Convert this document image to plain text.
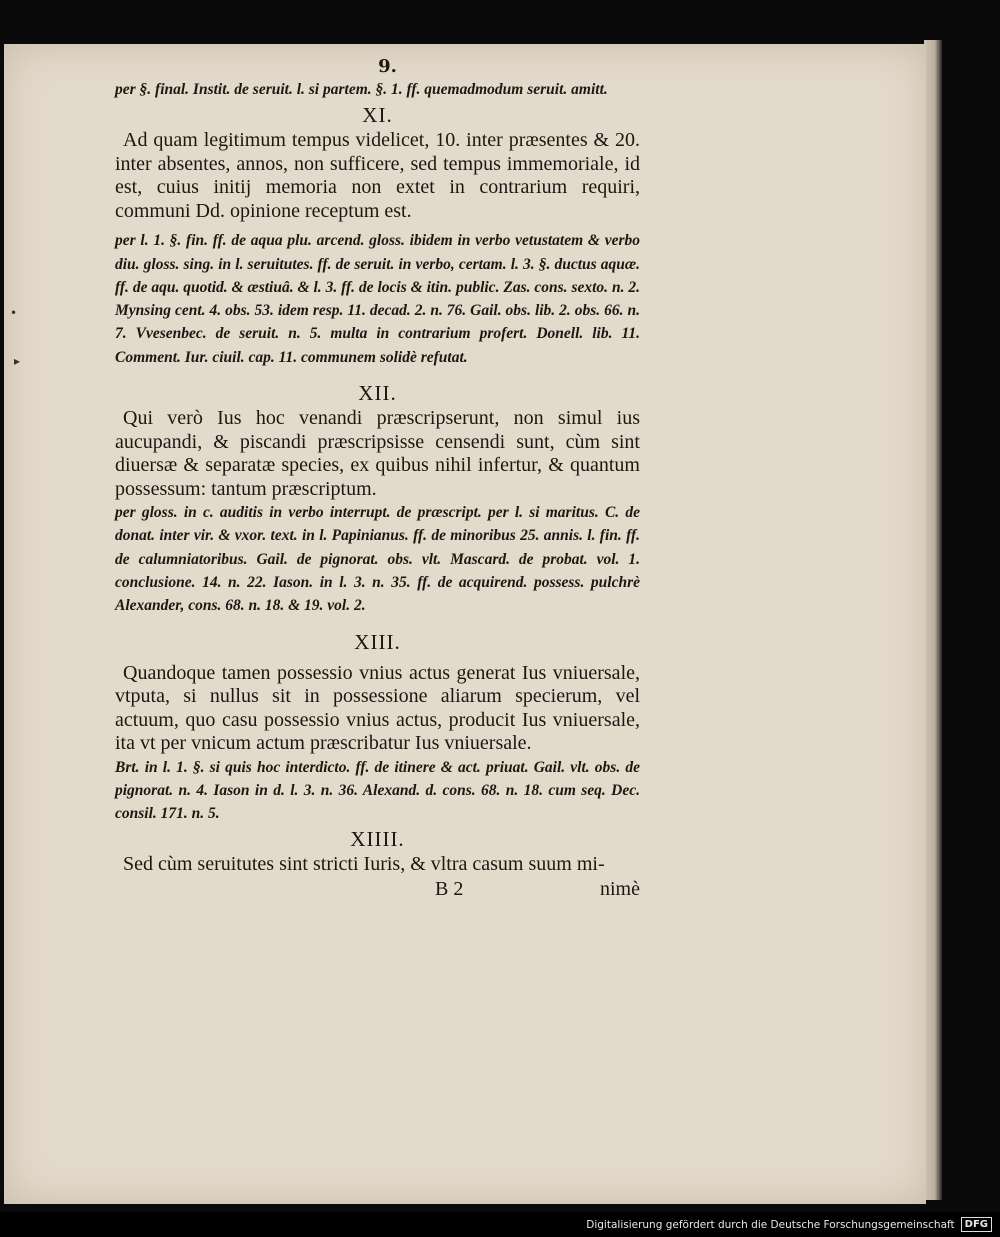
•
▸
9.
per §. final. Instit. de seruit. l. si partem. §. 1. ff. quemadmodum seruit. amitt.
XI.
Ad quam legitimum tempus videlicet, 10. inter præsentes & 20. inter absentes, annos, non sufficere, sed tempus immemoriale, id est, cuius initij memoria non extet in contrarium requiri, communi Dd. opinione receptum est.
per l. 1. §. fin. ff. de aqua plu. arcend. gloss. ibidem in verbo vetustatem & verbo diu. gloss. sing. in l. seruitutes. ff. de seruit. in verbo, certam. l. 3. §. ductus aquæ. ff. de aqu. quotid. & æstiuâ. & l. 3. ff. de locis & itin. public. Zas. cons. sexto. n. 2. Mynsing cent. 4. obs. 53. idem resp. 11. decad. 2. n. 76. Gail. obs. lib. 2. obs. 66. n. 7. Vvesenbec. de seruit. n. 5. multa in contrarium profert. Donell. lib. 11. Comment. Iur. ciuil. cap. 11. communem solidè refutat.
XII.
Qui verò Ius hoc venandi præscripserunt, non simul ius aucupandi, & piscandi præscripsisse censendi sunt, cùm sint diuersæ & separatæ species, ex quibus nihil infertur, & quantum possessum: tantum præscriptum.
per gloss. in c. auditis in verbo interrupt. de præscript. per l. si maritus. C. de donat. inter vir. & vxor. text. in l. Papinianus. ff. de minoribus 25. annis. l. fin. ff. de calumniatoribus. Gail. de pignorat. obs. vlt. Mascard. de probat. vol. 1. conclusione. 14. n. 22. Iason. in l. 3. n. 35. ff. de acquirend. possess. pulchrè Alexander, cons. 68. n. 18. & 19. vol. 2.
XIII.
Quandoque tamen possessio vnius actus generat Ius vniuersale, vtputa, si nullus sit in possessione aliarum specierum, vel actuum, quo casu possessio vnius actus, producit Ius vniuersale, ita vt per vnicum actum præscribatur Ius vniuersale.
Brt. in l. 1. §. si quis hoc interdicto. ff. de itinere & act. priuat. Gail. vlt. obs. de pignorat. n. 4. Iason in d. l. 3. n. 36. Alexand. d. cons. 68. n. 18. cum seq. Dec. consil. 171. n. 5.
XIIII.
Sed cùm seruitutes sint stricti Iuris, & vltra casum suum mi-
B 2	nimè
Digitalisierung gefördert durch die Deutsche Forschungsgemeinschaft	DFG
